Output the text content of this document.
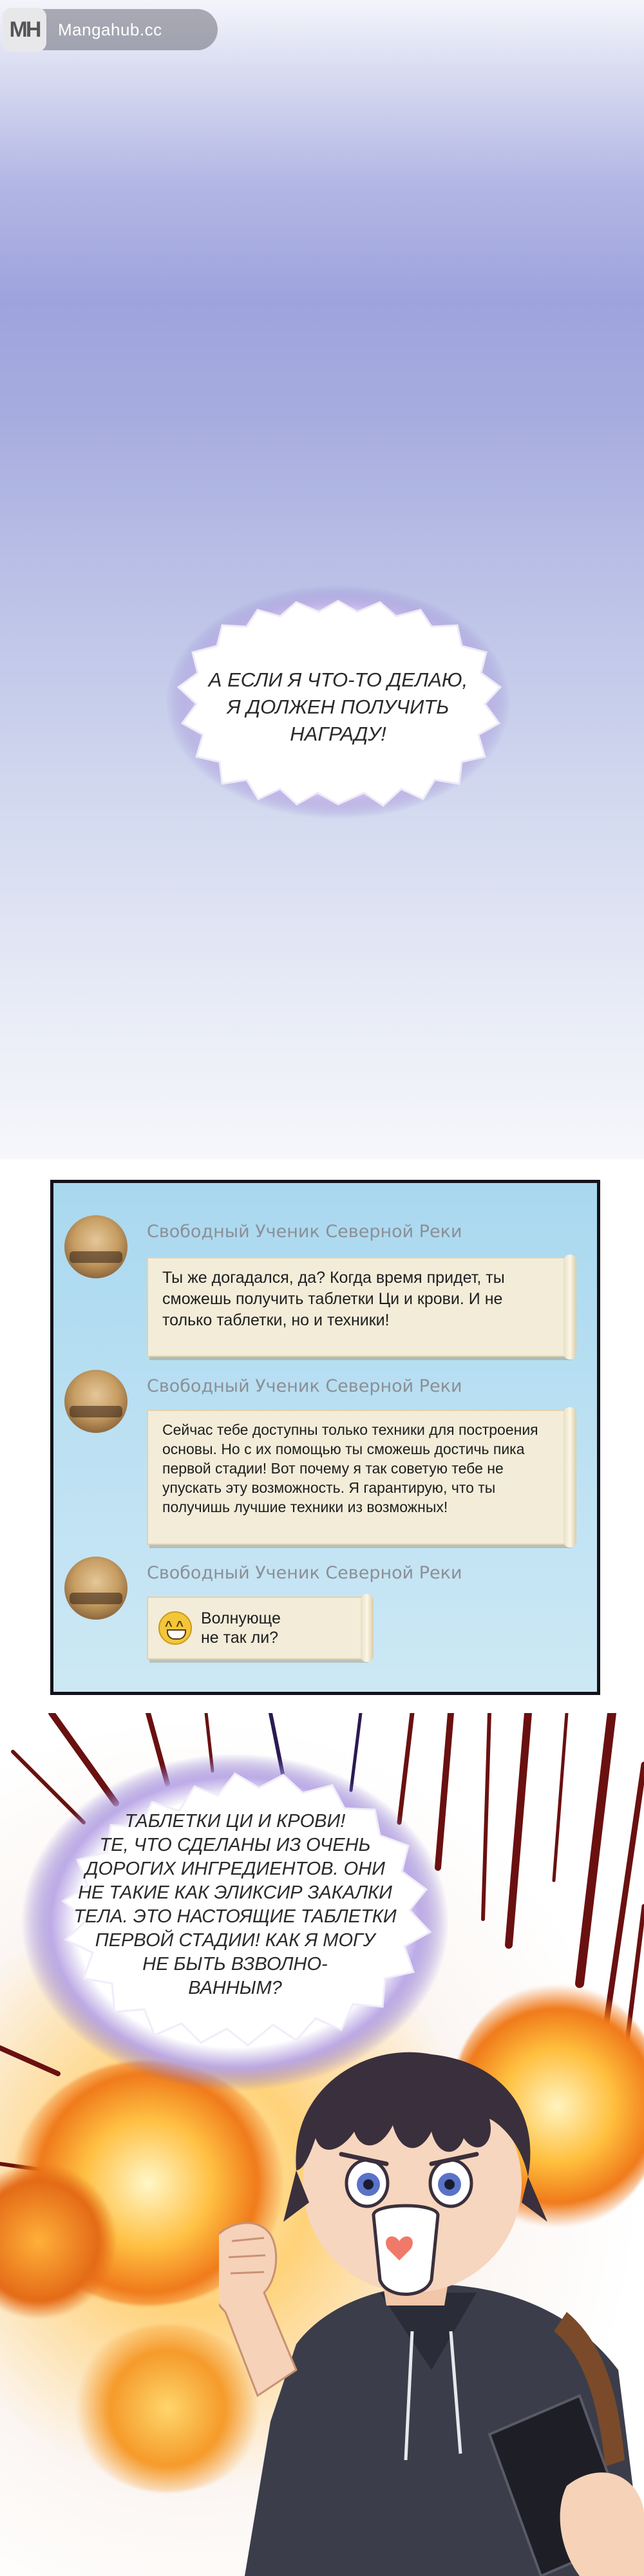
MH	Mangahub.cc
А ЕСЛИ Я ЧТО-ТО ДЕЛАЮ, Я ДОЛЖЕН ПОЛУЧИТЬ НАГРАДУ!
Свободный Ученик Северной Реки
Ты же догадался, да? Когда время придет, ты сможешь получить таблетки Ци и крови. И не только таблетки, но и техники!
Свободный Ученик Северной Реки
Сейчас тебе доступны только техники для построения основы. Но с их помощью ты сможешь достичь пика первой стадии! Вот почему я так советую тебе не упускать эту возможность. Я гарантирую, что ты получишь лучшие техники из возможных!
Свободный Ученик Северной Реки
^ ^
Волнующе
не так ли?
ТАБЛЕТКИ ЦИ И КРОВИ!
ТЕ, ЧТО СДЕЛАНЫ ИЗ ОЧЕНЬ
ДОРОГИХ ИНГРЕДИЕНТОВ. ОНИ
НЕ ТАКИЕ КАК ЭЛИКСИР ЗАКАЛКИ
ТЕЛА. ЭТО НАСТОЯЩИЕ ТАБЛЕТКИ
ПЕРВОЙ СТАДИИ! КАК Я МОГУ
НЕ БЫТЬ ВЗВОЛНО-
ВАННЫМ?
